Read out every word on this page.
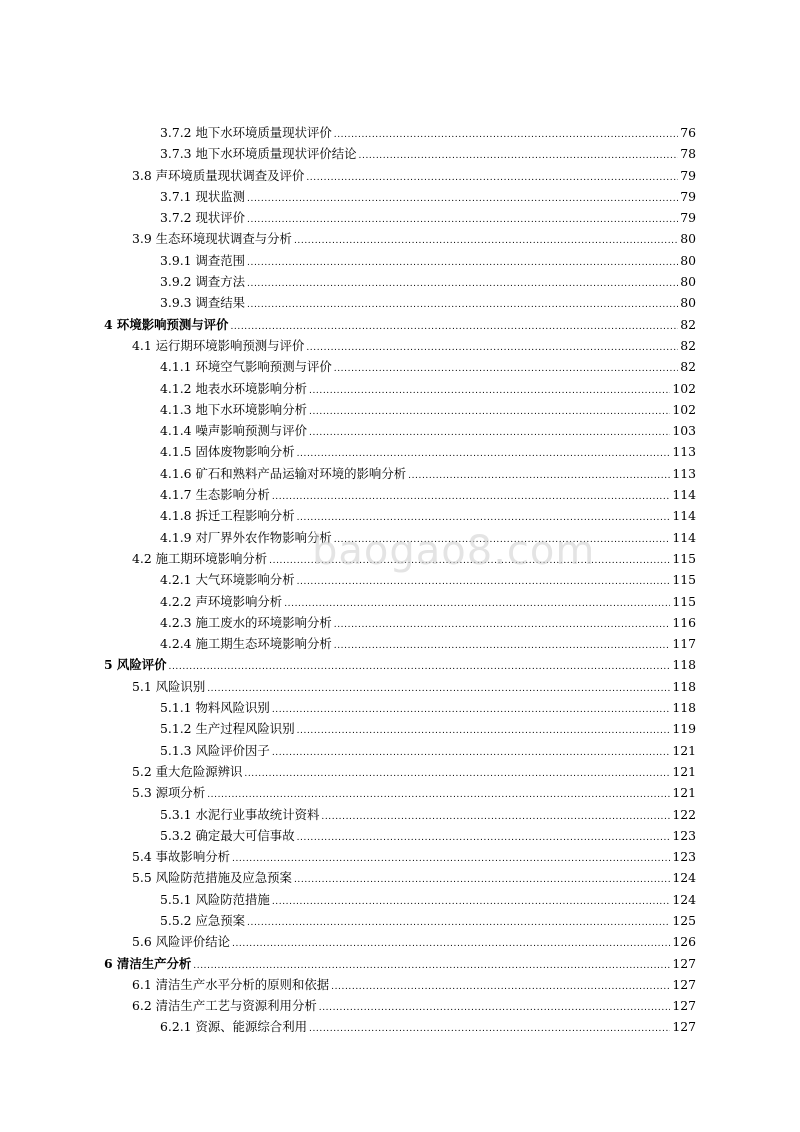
3.7.2 地下水环境质量现状评价 .....	76
3.7.3 地下水环境质量现状评价结论 .....	78
3.8 声环境质量现状调查及评价 .....	79
3.7.1 现状监测 .....	79
3.7.2 现状评价 .....	79
3.9 生态环境现状调查与分析 .....	80
3.9.1 调查范围 .....	80
3.9.2 调查方法 .....	80
3.9.3 调查结果 .....	80
4 环境影响预测与评价 .....	82
4.1 运行期环境影响预测与评价 .....	82
4.1.1 环境空气影响预测与评价 .....	82
4.1.2 地表水环境影响分析 .....	102
4.1.3 地下水环境影响分析 .....	102
4.1.4 噪声影响预测与评价 .....	103
4.1.5 固体废物影响分析 .....	113
4.1.6 矿石和熟料产品运输对环境的影响分析 .....	113
4.1.7 生态影响分析 .....	114
4.1.8 拆迁工程影响分析 .....	114
4.1.9 对厂界外农作物影响分析 .....	114
4.2 施工期环境影响分析 .....	115
4.2.1 大气环境影响分析 .....	115
4.2.2 声环境影响分析 .....	115
4.2.3 施工废水的环境影响分析 .....	116
4.2.4 施工期生态环境影响分析 .....	117
5 风险评价 .....	118
5.1 风险识别 .....	118
5.1.1 物料风险识别 .....	118
5.1.2 生产过程风险识别 .....	119
5.1.3 风险评价因子 .....	121
5.2 重大危险源辨识 .....	121
5.3 源项分析 .....	121
5.3.1 水泥行业事故统计资料 .....	122
5.3.2 确定最大可信事故 .....	123
5.4 事故影响分析 .....	123
5.5 风险防范措施及应急预案 .....	124
5.5.1 风险防范措施 .....	124
5.5.2 应急预案 .....	125
5.6 风险评价结论 .....	126
6 清洁生产分析 .....	127
6.1 清洁生产水平分析的原则和依据 .....	127
6.2 清洁生产工艺与资源利用分析 .....	127
6.2.1 资源、能源综合利用 .....	127
baogao8.com
